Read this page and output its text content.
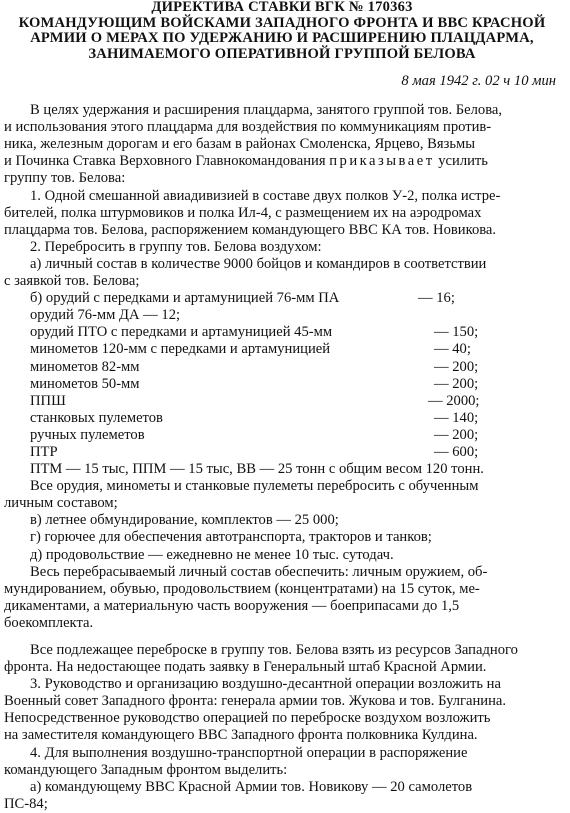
ДИРЕКТИВА СТАВКИ ВГК № 170363
КОМАНДУЮЩИМ ВОЙСКАМИ ЗАПАДНОГО ФРОНТА И ВВС КРАСНОЙ
АРМИИ О МЕРАХ ПО УДЕРЖАНИЮ И РАСШИРЕНИЮ ПЛАЦДАРМА,
ЗАНИМАЕМОГО ОПЕРАТИВНОЙ ГРУППОЙ БЕЛОВА
8 мая 1942 г. 02 ч 10 мин
В целях удержания и расширения плацдарма, занятого группой тов. Белова,
и использования этого плацдарма для воздействия по коммуникациям против-
ника, железным дорогам и его базам в районах Смоленска, Ярцево, Вязьмы
и Починка Ставка Верховного Главнокомандования приказывает усилить
группу тов. Белова:
1. Одной смешанной авиадивизией в составе двух полков У-2, полка истре-
бителей, полка штурмовиков и полка Ил-4, с размещением их на аэродромах
плацдарма тов. Белова, распоряжением командующего ВВС КА тов. Новикова.
2. Перебросить в группу тов. Белова воздухом:
а) личный состав в количестве 9000 бойцов и командиров в соответствии
с заявкой тов. Белова;
б) орудий с передками и артамуницией 76-мм ПА	— 16;
орудий 76-мм ДА — 12;
орудий ПТО с передками и артамуницией 45-мм	— 150;
минометов 120-мм с передками и артамуницией	— 40;
минометов 82-мм	— 200;
минометов 50-мм	— 200;
ППШ	— 2000;
станковых пулеметов	— 140;
ручных пулеметов	— 200;
ПТР	— 600;
ПТМ — 15 тыс, ППМ — 15 тыс, ВВ — 25 тонн с общим весом 120 тонн.
Все орудия, минометы и станковые пулеметы перебросить с обученным
личным составом;
в) летнее обмундирование, комплектов — 25 000;
г) горючее для обеспечения автотранспорта, тракторов и танков;
д) продовольствие — ежедневно не менее 10 тыс. сутодач.
Весь перебрасываемый личный состав обеспечить: личным оружием, об-
мундированием, обувью, продовольствием (концентратами) на 15 суток, ме-
дикаментами, а материальную часть вооружения — боеприпасами до 1,5
боекомплекта.
Все подлежащее переброске в группу тов. Белова взять из ресурсов Западного
фронта. На недостающее подать заявку в Генеральный штаб Красной Армии.
3. Руководство и организацию воздушно-десантной операции возложить на
Военный совет Западного фронта: генерала армии тов. Жукова и тов. Булганина.
Непосредственное руководство операцией по переброске воздухом возложить
на заместителя командующего ВВС Западного фронта полковника Кулдина.
4. Для выполнения воздушно-транспортной операции в распоряжение
командующего Западным фронтом выделить:
а) командующему ВВС Красной Армии тов. Новикову — 20 самолетов
ПС-84;
